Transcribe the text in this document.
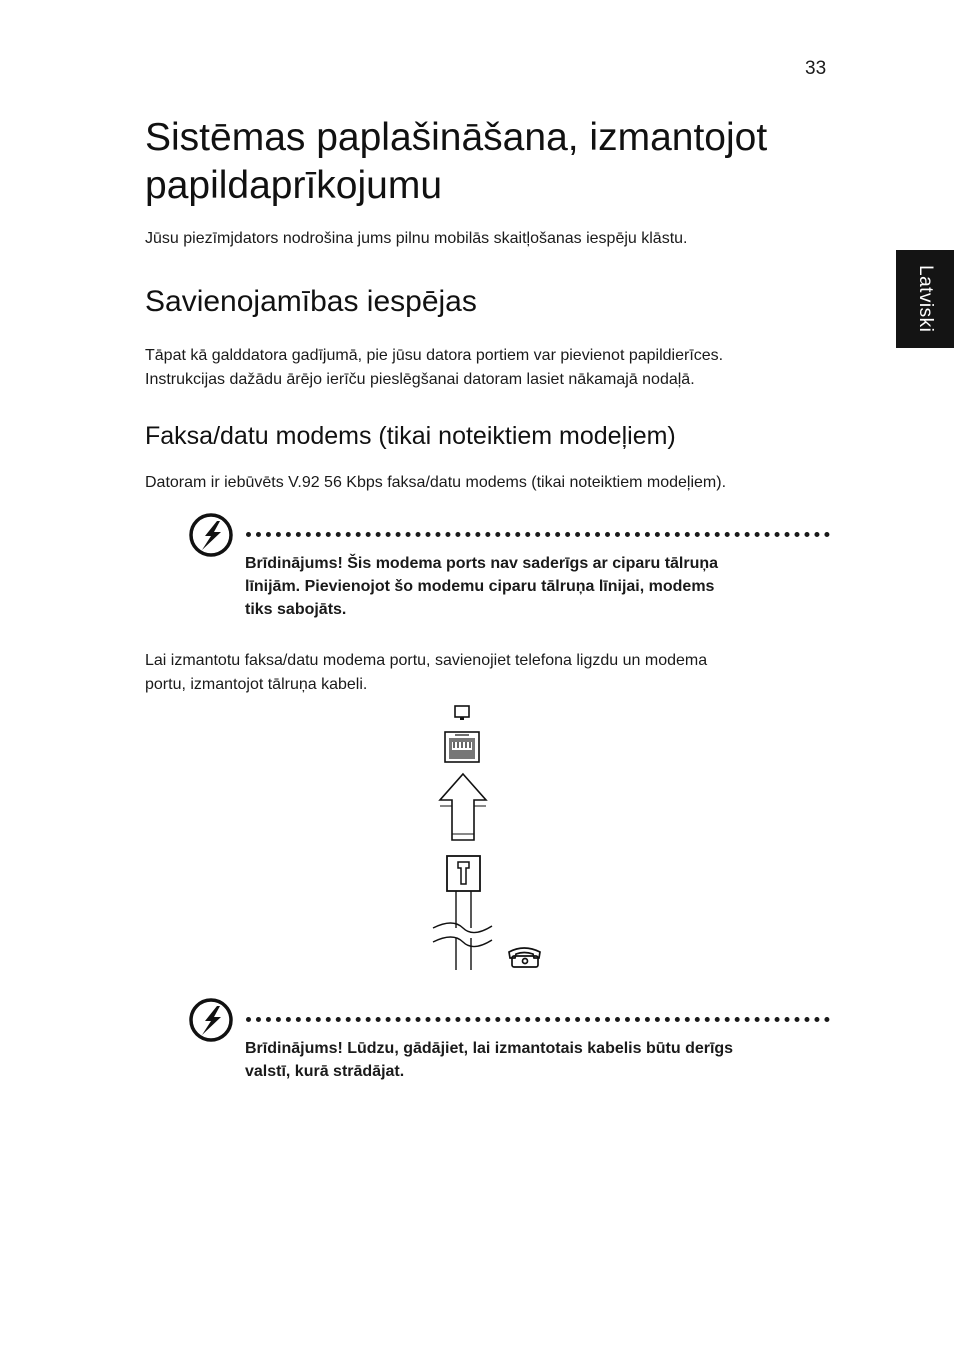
33
Latviski
Sistēmas paplašināšana, izmantojot
papildaprīkojumu
Jūsu piezīmjdators nodrošina jums pilnu mobilās skaitļošanas iespēju klāstu.
Savienojamības iespējas
Tāpat kā galddatora gadījumā, pie jūsu datora portiem var pievienot papildierīces.
Instrukcijas dažādu ārējo ierīču pieslēgšanai datoram lasiet nākamajā nodaļā.
Faksa/datu modems (tikai noteiktiem modeļiem)
Datoram ir iebūvēts V.92 56 Kbps faksa/datu modems (tikai noteiktiem modeļiem).
Brīdinājums! Šis modema ports nav saderīgs ar ciparu tālruņa
līnijām. Pievienojot šo modemu ciparu tālruņa līnijai, modems
tiks sabojāts.
Lai izmantotu faksa/datu modema portu, savienojiet telefona ligzdu un modema
portu, izmantojot tālruņa kabeli.
Brīdinājums! Lūdzu, gādājiet, lai izmantotais kabelis būtu derīgs
valstī, kurā strādājat.
